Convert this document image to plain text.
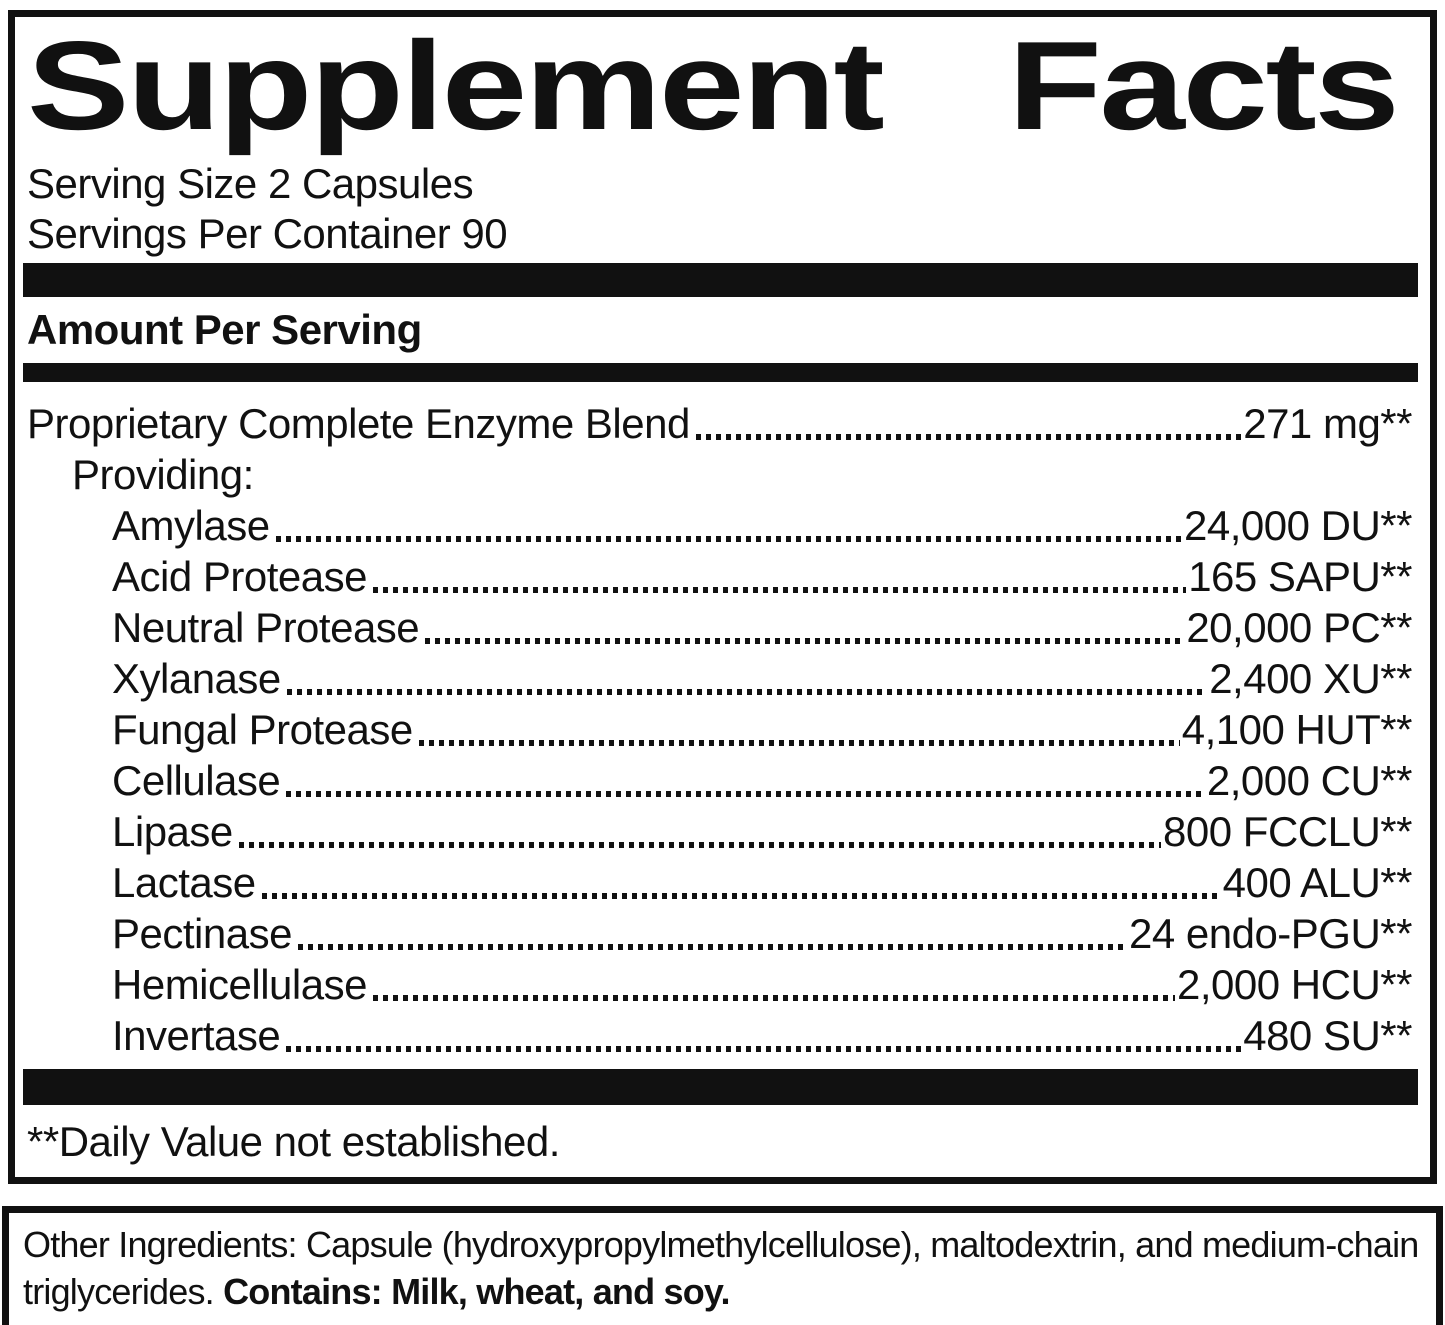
Supplement Facts
Serving Size 2 Capsules
Servings Per Container 90
Amount Per Serving
Proprietary Complete Enzyme Blend	271 mg**
Providing:
Amylase	24,000 DU**
Acid Protease	165 SAPU**
Neutral Protease	20,000 PC**
Xylanase	2,400 XU**
Fungal Protease	4,100 HUT**
Cellulase	2,000 CU**
Lipase	800 FCCLU**
Lactase	400 ALU**
Pectinase	24 endo-PGU**
Hemicellulase	2,000 HCU**
Invertase	480 SU**
**Daily Value not established.

Other Ingredients: Capsule (hydroxypropylmethylcellulose), maltodextrin, and medium-chain triglycerides. Contains: Milk, wheat, and soy.
